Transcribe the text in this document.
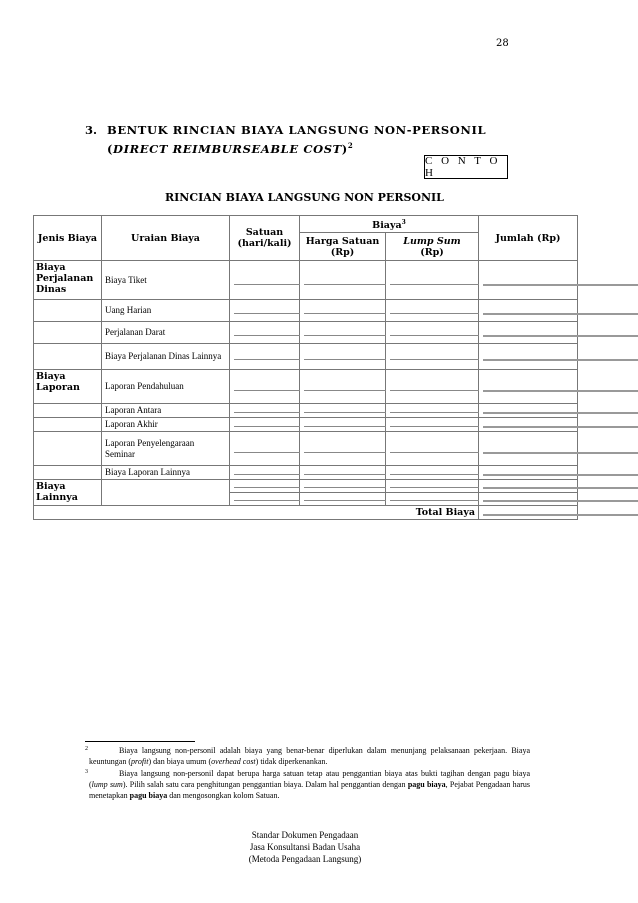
28
3. BENTUK RINCIAN BIAYA LANGSUNG NON-PERSONIL (DIRECT REIMBURSEABLE COST)$^2$
C O N T O H
RINCIAN BIAYA LANGSUNG NON PERSONIL
Jenis Biaya	Uraian Biaya	Satuan (hari/kali)	Biaya$^3$		Jumlah (Rp)
			Harga Satuan (Rp)	Lump Sum
(Rp)	
Biaya Perjalanan Dinas	Biaya Tiket	

	Uang Harian	

	Perjalanan Darat	

	Biaya Perjalanan Dinas Lainnya	

Biaya Laporan	Laporan Pendahuluan	

	Laporan Antara	

	Laporan Akhir	

	Laporan Penyelengaraan Seminar	

	Biaya Laporan Lainnya	

Biaya Lainnya		

Total Biaya					
2	Biaya langsung non-personil adalah biaya yang benar-benar diperlukan dalam menunjang pelaksanaan pekerjaan. Biaya keuntungan (profit) dan biaya umum (overhead cost) tidak diperkenankan.
3	Biaya langsung non-personil dapat berupa harga satuan tetap atau penggantian biaya atas bukti tagihan dengan pagu biaya (lump sum). Pilih salah satu cara penghitungan penggantian biaya. Dalam hal penggantian dengan pagu biaya, Pejabat Pengadaan harus menetapkan pagu biaya dan mengosongkan kolom Satuan.
Standar Dokumen Pengadaan
Jasa Konsultansi Badan Usaha
(Metoda Pengadaan Langsung)
